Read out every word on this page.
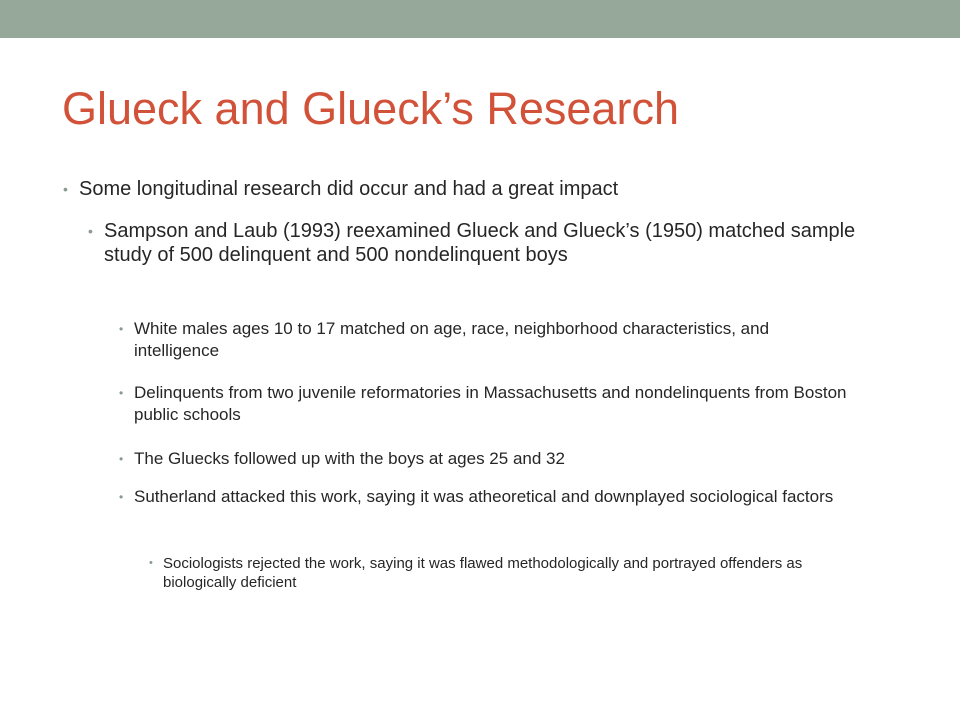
Glueck and Glueck’s Research
• Some longitudinal research did occur and had a great impact
• Sampson and Laub (1993) reexamined Glueck and Glueck’s (1950) matched sample study of 500 delinquent and 500 nondelinquent boys
• White males ages 10 to 17 matched on age, race, neighborhood characteristics, and intelligence
• Delinquents from two juvenile reformatories in Massachusetts and nondelinquents from Boston public schools
• The Gluecks followed up with the boys at ages 25 and 32
• Sutherland attacked this work, saying it was atheoretical and downplayed sociological factors
• Sociologists rejected the work, saying it was flawed methodologically and portrayed offenders as biologically deficient
